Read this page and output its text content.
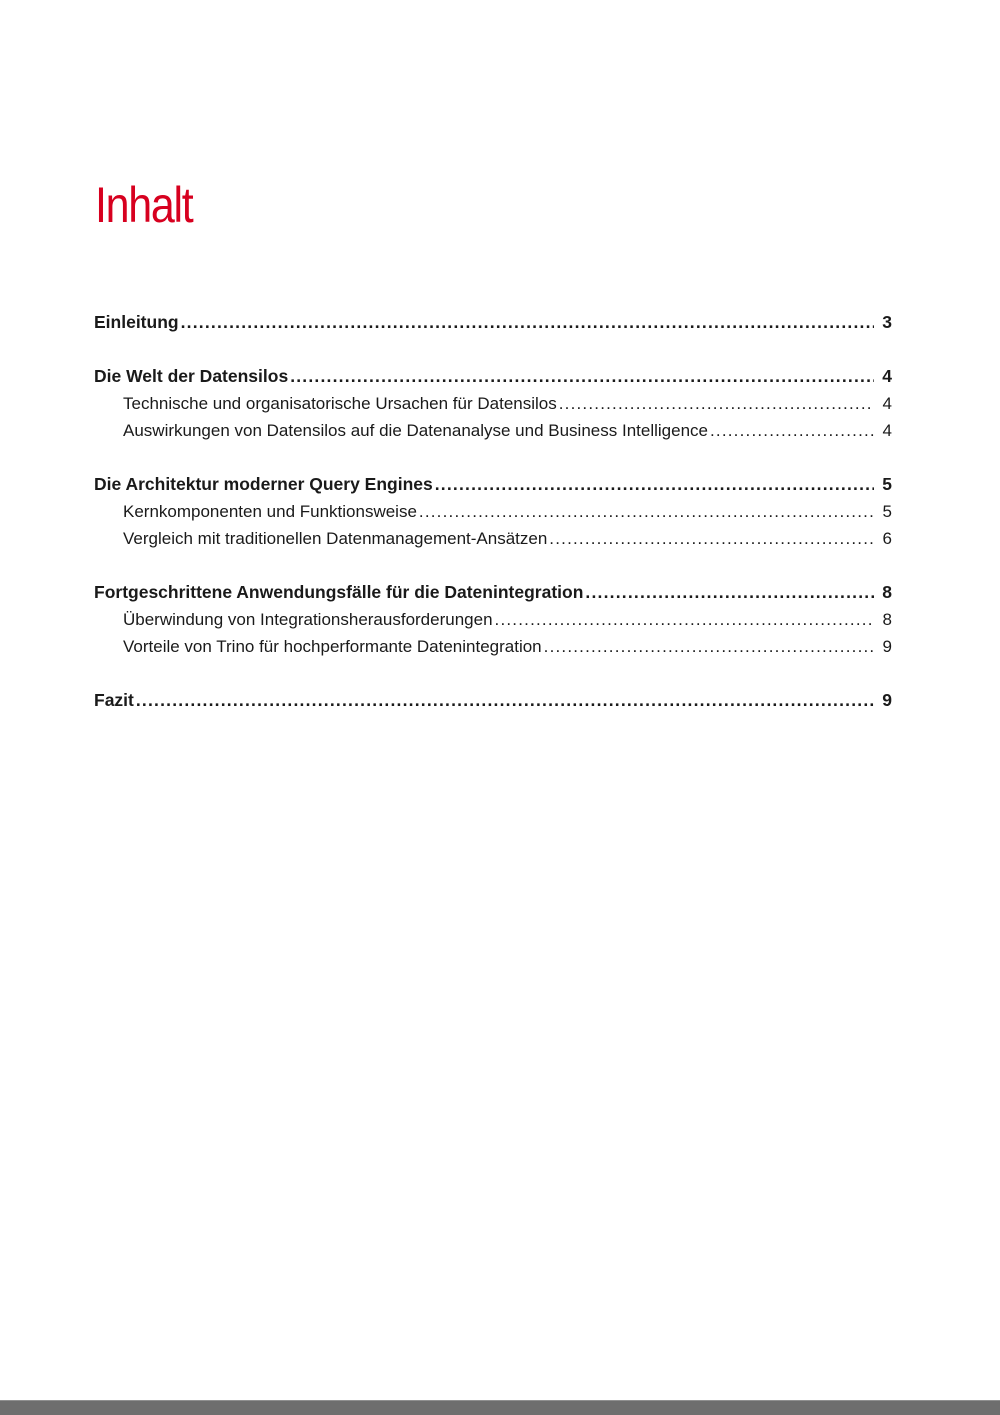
Inhalt
Einleitung .....	3
Die Welt der Datensilos .....	4
Technische und organisatorische Ursachen für Datensilos .....	4
Auswirkungen von Datensilos auf die Datenanalyse und Business Intelligence .....	4
Die Architektur moderner Query Engines .....	5
Kernkomponenten und Funktionsweise .....	5
Vergleich mit traditionellen Datenmanagement-Ansätzen .....	6
Fortgeschrittene Anwendungsfälle für die Datenintegration .....	8
Überwindung von Integrationsherausforderungen .....	8
Vorteile von Trino für hochperformante Datenintegration .....	9
Fazit .....	9
